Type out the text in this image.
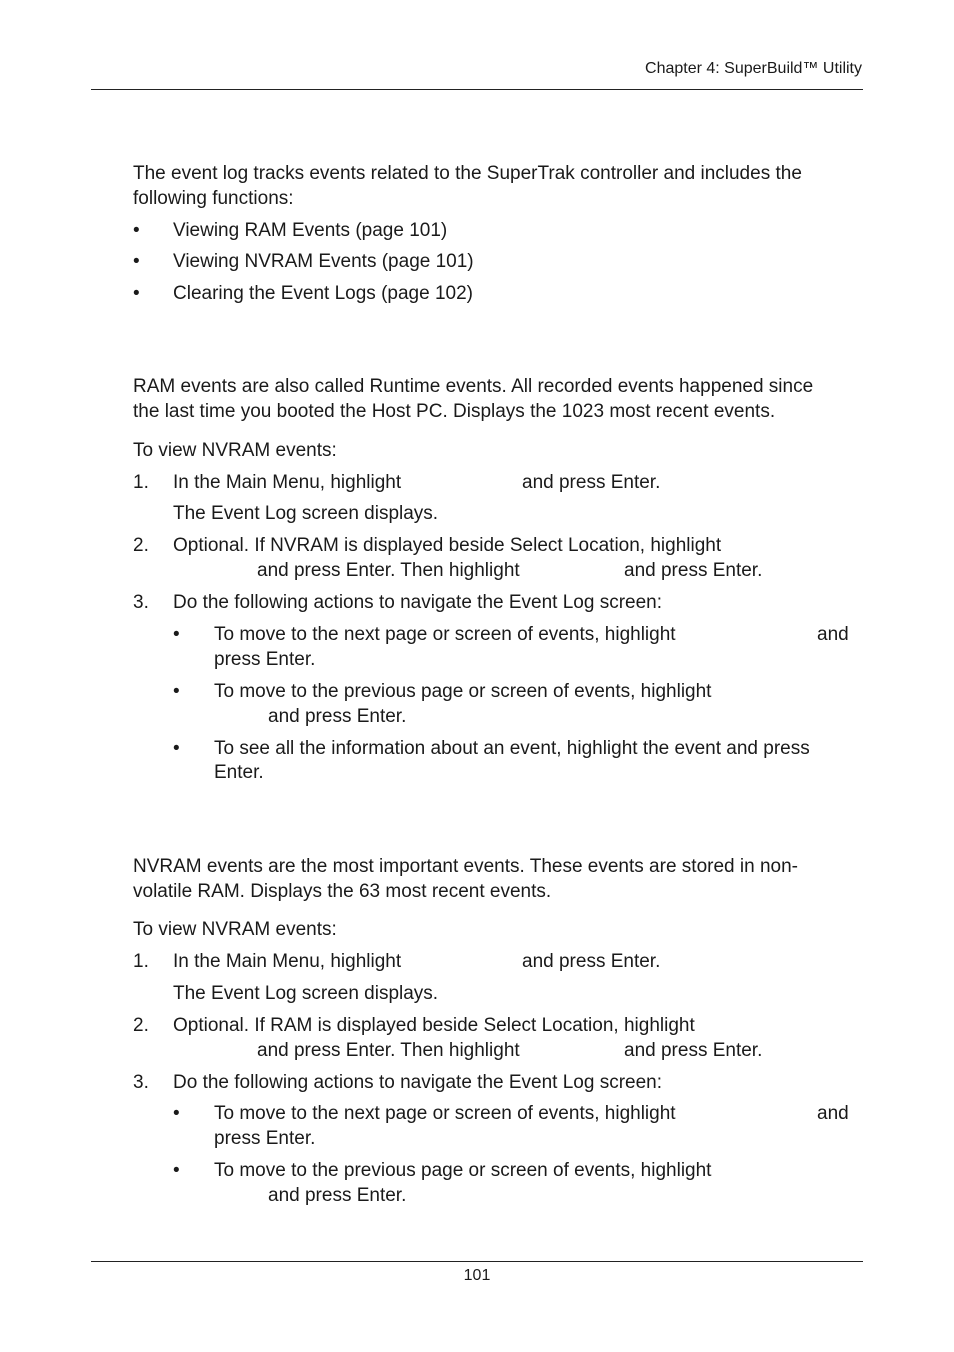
Chapter 4: SuperBuild™ Utility
The event log tracks events related to the SuperTrak controller and includes the
following functions:
• Viewing RAM Events (page 101)
• Viewing NVRAM Events (page 101)
• Clearing the Event Logs (page 102)
RAM events are also called Runtime events. All recorded events happened since
the last time you booted the Host PC. Displays the 1023 most recent events.
To view NVRAM events:
1. In the Main Menu, highlight	and press Enter.
The Event Log screen displays.
2. Optional. If NVRAM is displayed beside Select Location, highlight
and press Enter. Then highlight	and press Enter.
3. Do the following actions to navigate the Event Log screen:
• To move to the next page or screen of events, highlight	and
press Enter.
• To move to the previous page or screen of events, highlight
and press Enter.
• To see all the information about an event, highlight the event and press
Enter.
NVRAM events are the most important events. These events are stored in non-
volatile RAM. Displays the 63 most recent events.
To view NVRAM events:
1. In the Main Menu, highlight	and press Enter.
The Event Log screen displays.
2. Optional. If RAM is displayed beside Select Location, highlight
and press Enter. Then highlight	and press Enter.
3. Do the following actions to navigate the Event Log screen:
• To move to the next page or screen of events, highlight	and
press Enter.
• To move to the previous page or screen of events, highlight
and press Enter.
101
